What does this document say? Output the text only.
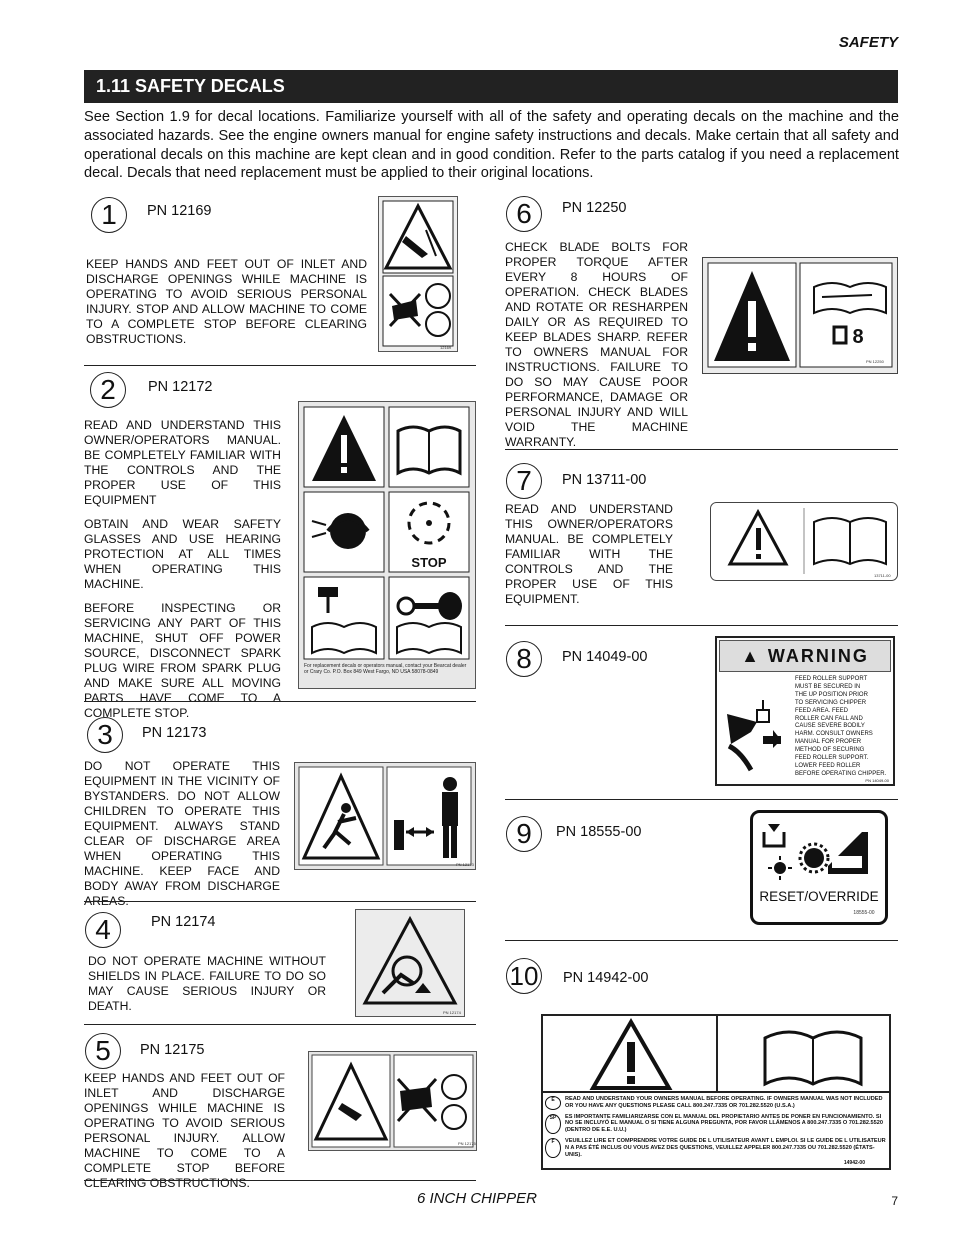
SAFETY
1.11 SAFETY DECALS
See Section 1.9 for decal locations. Familiarize yourself with all of the safety and operating decals on the machine and the associated hazards. See the engine owners manual for engine safety instructions and decals. Make certain that all safety and operational decals on this machine are kept clean and in good condition. Refer to the parts catalog if you need a replacement decal. Decals that need replacement must be applied to their original locations.
1	PN 12169

KEEP HANDS AND FEET OUT OF INLET AND DISCHARGE OPENINGS WHILE MACHINE IS OPERATING TO AVOID SERIOUS PERSONAL INJURY. STOP AND ALLOW MACHINE TO COME TO A COMPLETE STOP BEFORE CLEARING OBSTRUCTIONS.

12169
2	PN 12172

READ AND UNDERSTAND THIS OWNER/OPERATORS MANUAL. BE COMPLETELY FAMILIAR WITH THE CONTROLS AND THE PROPER USE OF THIS EQUIPMENT

OBTAIN AND WEAR SAFETY GLASSES AND USE HEARING PROTECTION AT ALL TIMES WHEN OPERATING THIS MACHINE.

BEFORE INSPECTING OR SERVICING ANY PART OF THIS MACHINE, SHUT OFF POWER SOURCE, DISCONNECT SPARK PLUG WIRE FROM SPARK PLUG AND MAKE SURE ALL MOVING PARTS HAVE COME TO A COMPLETE STOP.

STOP
For replacement decals or operators manual, contact your Bearcat dealer or Crary Co. P.O. Box 849 West Fargo, ND USA 58078-0849
3	PN 12173

DO NOT OPERATE THIS EQUIPMENT IN THE VICINITY OF BYSTANDERS. DO NOT ALLOW CHILDREN TO OPERATE THIS EQUIPMENT. ALWAYS STAND CLEAR OF DISCHARGE AREA WHEN OPERATING THIS MACHINE. KEEP FACE AND BODY AWAY FROM DISCHARGE AREAS.

PN 12173
4	PN 12174

DO NOT OPERATE MACHINE WITHOUT SHIELDS IN PLACE. FAILURE TO DO SO MAY CAUSE SERIOUS INJURY OR DEATH.	PN 12174
5	PN 12175

KEEP HANDS AND FEET OUT OF INLET AND DISCHARGE OPENINGS WHILE MACHINE IS OPERATING TO AVOID SERIOUS PERSONAL INJURY. ALLOW MACHINE TO COME TO A COMPLETE STOP BEFORE CLEARING OBSTRUCTIONS.

PN 12175
6	PN 12250

CHECK BLADE BOLTS FOR PROPER TORQUE AFTER EVERY 8 HOURS OF OPERATION. CHECK BLADES AND ROTATE OR RESHARPEN DAILY OR AS REQUIRED TO KEEP BLADES SHARP. REFER TO OWNERS MANUAL FOR INSTRUCTIONS. FAILURE TO DO SO MAY CAUSE POOR PERFORMANCE, DAMAGE OR PERSONAL INJURY AND WILL VOID THE MACHINE WARRANTY.

8
PN 12250
7	PN 13711-00

READ AND UNDERSTAND THIS OWNER/OPERATORS MANUAL. BE COMPLETELY FAMILIAR WITH THE CONTROLS AND THE PROPER USE OF THIS EQUIPMENT.

13711-00
8	PN 14049-00	▲ WARNING
FEED ROLLER SUPPORT
MUST BE SECURED IN
THE UP POSITION PRIOR
TO SERVICING CHIPPER
FEED AREA. FEED
ROLLER CAN FALL AND
CAUSE SEVERE BODILY
HARM. CONSULT OWNERS
MANUAL FOR PROPER
METHOD OF SECURING
FEED ROLLER SUPPORT.
LOWER FEED ROLLER
BEFORE OPERATING CHIPPER.
PN 14049-00
9	PN 18555-00
RESET/OVERRIDE
18555-00
10 PN 14942-00
E	READ AND UNDERSTAND YOUR OWNERS MANUAL BEFORE OPERATING. IF OWNERS MANUAL WAS NOT INCLUDED OR YOU HAVE ANY QUESTIONS PLEASE CALL 800.247.7335 OR 701.282.5520 (U.S.A.)
SP	ES IMPORTANTE FAMILIARIZARSE CON EL MANUAL DEL PROPIETARIO ANTES DE PONER EN FUNCIONAMIENTO. SI NO SE INCLUYÓ EL MANUAL O SI TIENE ALGUNA PREGUNTA, POR FAVOR LLÁMENOS A 800.247.7335 O 701.282.5520 (DENTRO DE E.E. U.U.)
F	VEUILLEZ LIRE ET COMPRENDRE VOTRE GUIDE DE L UTILISATEUR AVANT L EMPLOI. SI LE GUIDE DE L UTILISATEUR N A PAS ÉTÉ INCLUS OU VOUS AVEZ DES QUESTIONS, VEUILLEZ APPELER 800.247.7335 OU 701.282.5520 (ÉTATS-UNIS).
14942-00
6 INCH CHIPPER	7
